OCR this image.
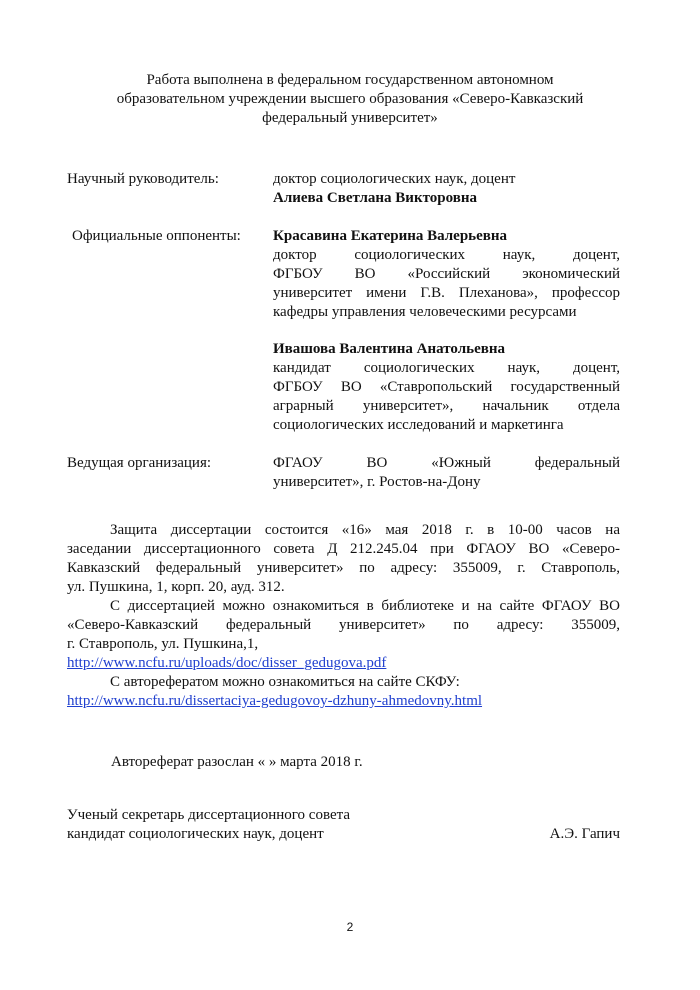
Работа выполнена в федеральном государственном автономном
образовательном учреждении высшего образования «Северо-Кавказский
федеральный университет»
Научный руководитель:	доктор социологических наук, доцент
Алиева Светлана Викторовна
Официальные оппоненты: Красавина Екатерина Валерьевна
доктор социологических наук, доцент,
ФГБОУ ВО «Российский экономический
университет имени Г.В. Плеханова», профессор
кафедры управления человеческими ресурсами
Ивашова Валентина Анатольевна
кандидат социологических наук, доцент,
ФГБОУ ВО «Ставропольский государственный
аграрный университет», начальник отдела
социологических исследований и маркетинга
Ведущая организация:	ФГАОУ ВО «Южный федеральный
университет», г. Ростов-на-Дону
Защита диссертации состоится «16» мая 2018 г. в 10-00 часов на
заседании диссертационного совета Д 212.245.04 при ФГАОУ ВО «Северо-
Кавказский федеральный университет» по адресу: 355009, г. Ставрополь,
ул. Пушкина, 1, корп. 20, ауд. 312.
С диссертацией можно ознакомиться в библиотеке и на сайте ФГАОУ ВО
«Северо-Кавказский федеральный университет» по адресу: 355009,
г. Ставрополь, ул. Пушкина,1,
http://www.ncfu.ru/uploads/doc/disser_gedugova.pdf
С авторефератом можно ознакомиться на сайте СКФУ:
http://www.ncfu.ru/dissertaciya-gedugovoy-dzhuny-ahmedovny.html
Автореферат разослан « » марта 2018 г.
Ученый секретарь диссертационного совета
кандидат социологических наук, доцент	А.Э. Гапич
2
